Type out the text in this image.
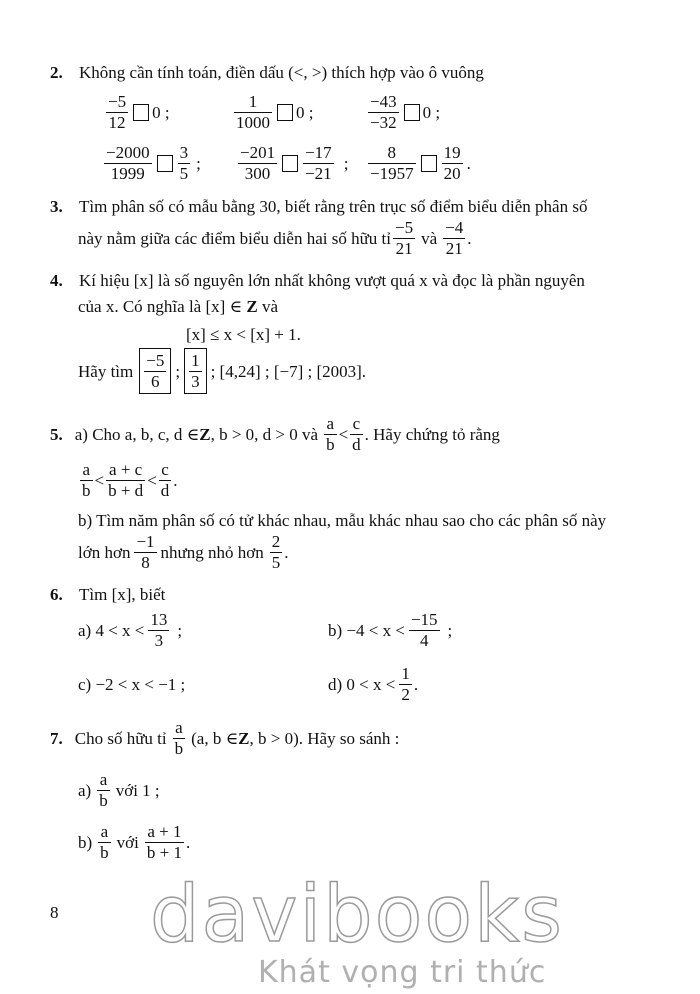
2. Không cần tính toán, điền dấu (<, >) thích hợp vào ô vuông
$\frac{-5}{12} 0$ ;	$\frac{1}{1000} 0$ ;	$\frac{-43}{-32} 0$ ;
$\frac{-2000}{1999} \frac{3}{5}$ ; $\frac{-201}{300} \frac{-17}{-21}$ ; $\frac{8}{-1957} \frac{19}{20}$ .
3. Tìm phân số có mẫu bằng 30, biết rằng trên trục số điểm biểu diễn phân số
này nằm giữa các điểm biểu diễn hai số hữu tỉ $\frac{-5}{21}$ và $\frac{-4}{21}$ .
4. Kí hiệu [x] là số nguyên lớn nhất không vượt quá x và đọc là phần nguyên
của x. Có nghĩa là [x] ∈ Z và
[x] ≤ x < [x] + 1.
Hãy tìm $\frac{-5}{6}$ ; $\frac{1}{3}$ ; [4,24] ; [−7] ; [2003].
5. a) Cho a, b, c, d ∈ Z , b > 0, d > 0 và $\frac{a}{b} < \frac{c}{d}$ . Hãy chứng tỏ rằng
$\frac{a}{b} < \frac{a + c}{b + d} < \frac{c}{d}$ .
b) Tìm năm phân số có tử khác nhau, mẫu khác nhau sao cho các phân số này
lớn hơn $\frac{-1}{8}$ nhưng nhỏ hơn $\frac{2}{5}$ .
6. Tìm [x], biết
a) $4 < x < \frac{13}{3}$ ;	$b) -4 < x < \frac{-15}{4}$ ;
c) −2 < x < −1 ;	d) $0 < x < \frac{1}{2}$ .
7. Cho số hữu tỉ $\frac{a}{b} (a$, b ∈ Z , b > 0). Hãy so sánh :
$a) \frac{a}{b}$ với 1 ;
$b) \frac{a}{b}$ với $\frac{a + 1}{b + 1}$ .
8 davibooks
Khát vọng tri thức
